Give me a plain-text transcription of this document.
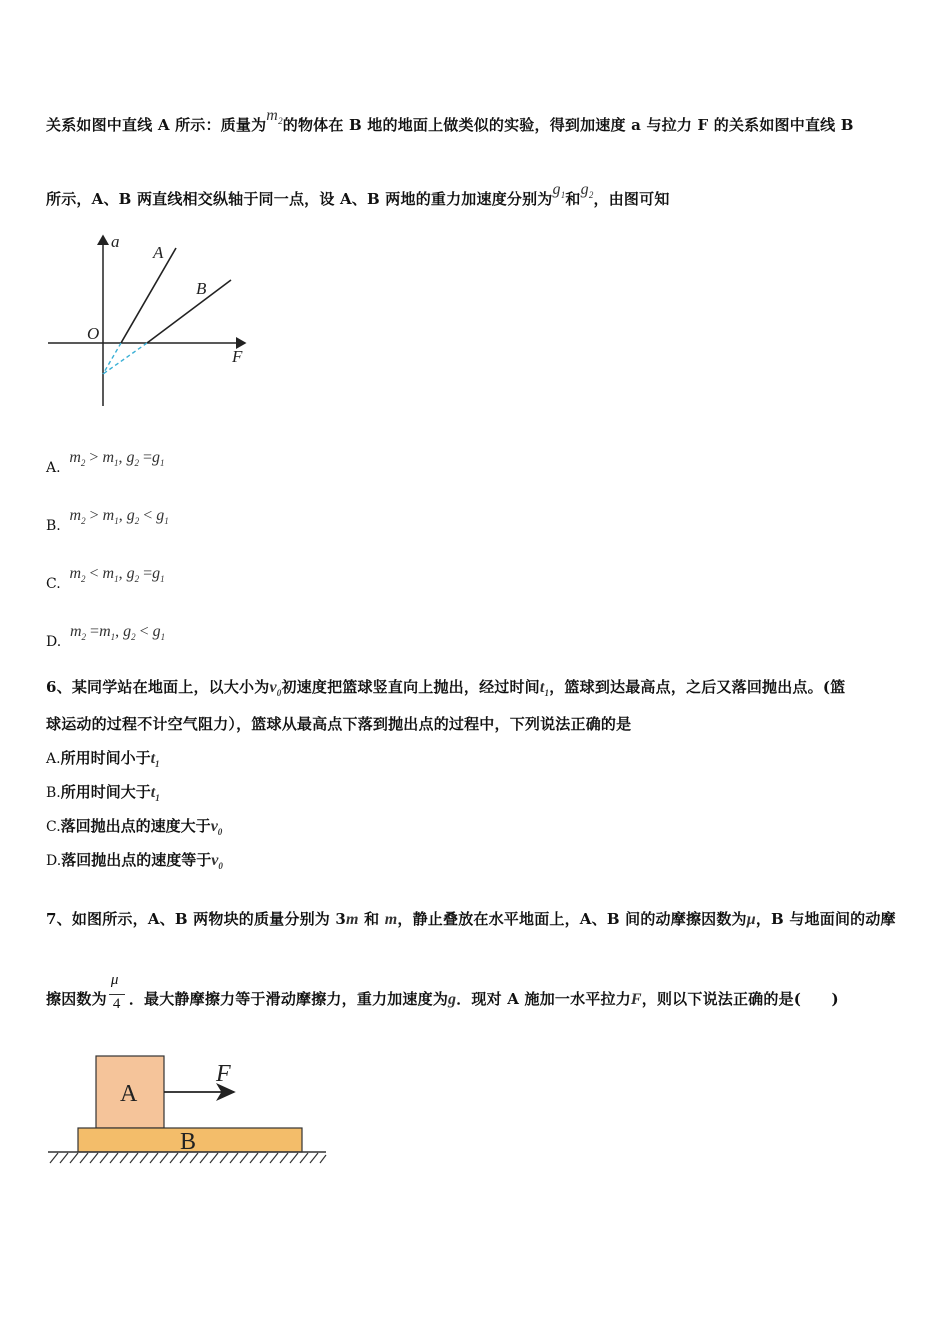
关系如图中直线 A 所示：质量为$m_2$的物体在 B 地的地面上做类似的实验，得到加速度 a 与拉力 F 的关系如图中直线 B
所示，A、B 两直线相交纵轴于同一点，设 A、B 两地的重力加速度分别为$g_1$和$g_2$，由图可知
a
F
O
A
B
A.  $m_2 > m_1$, $g_2 =g_1$
B.  $m_2 > m_1$, $g_2 < g_1$
C.  $m_2 < m_1$, $g_2 =g_1$
D.  $m_2 =m_1$, $g_2 < g_1$
6、某同学站在地面上，以大小为$v_0$初速度把篮球竖直向上抛出，经过时间$t_1$，篮球到达最高点，之后又落回抛出点。(篮
球运动的过程不计空气阻力），篮球从最高点下落到抛出点的过程中，下列说法正确的是
A.所用时间小于$t_1$
B.所用时间大于$t_1$
C.落回抛出点的速度大于$v_0$
D.落回抛出点的速度等于$v_0$
7、如图所示，A、B 两物块的质量分别为 3m 和 m，静止叠放在水平地面上，A、B 间的动摩擦因数为μ，B 与地面间的动摩
擦因数为 $\frac{\mu}{4}$ ．最大静摩擦力等于滑动摩擦力，重力加速度为g．现对 A 施加一水平拉力F，则以下说法正确的是(　　)
A
B
F
